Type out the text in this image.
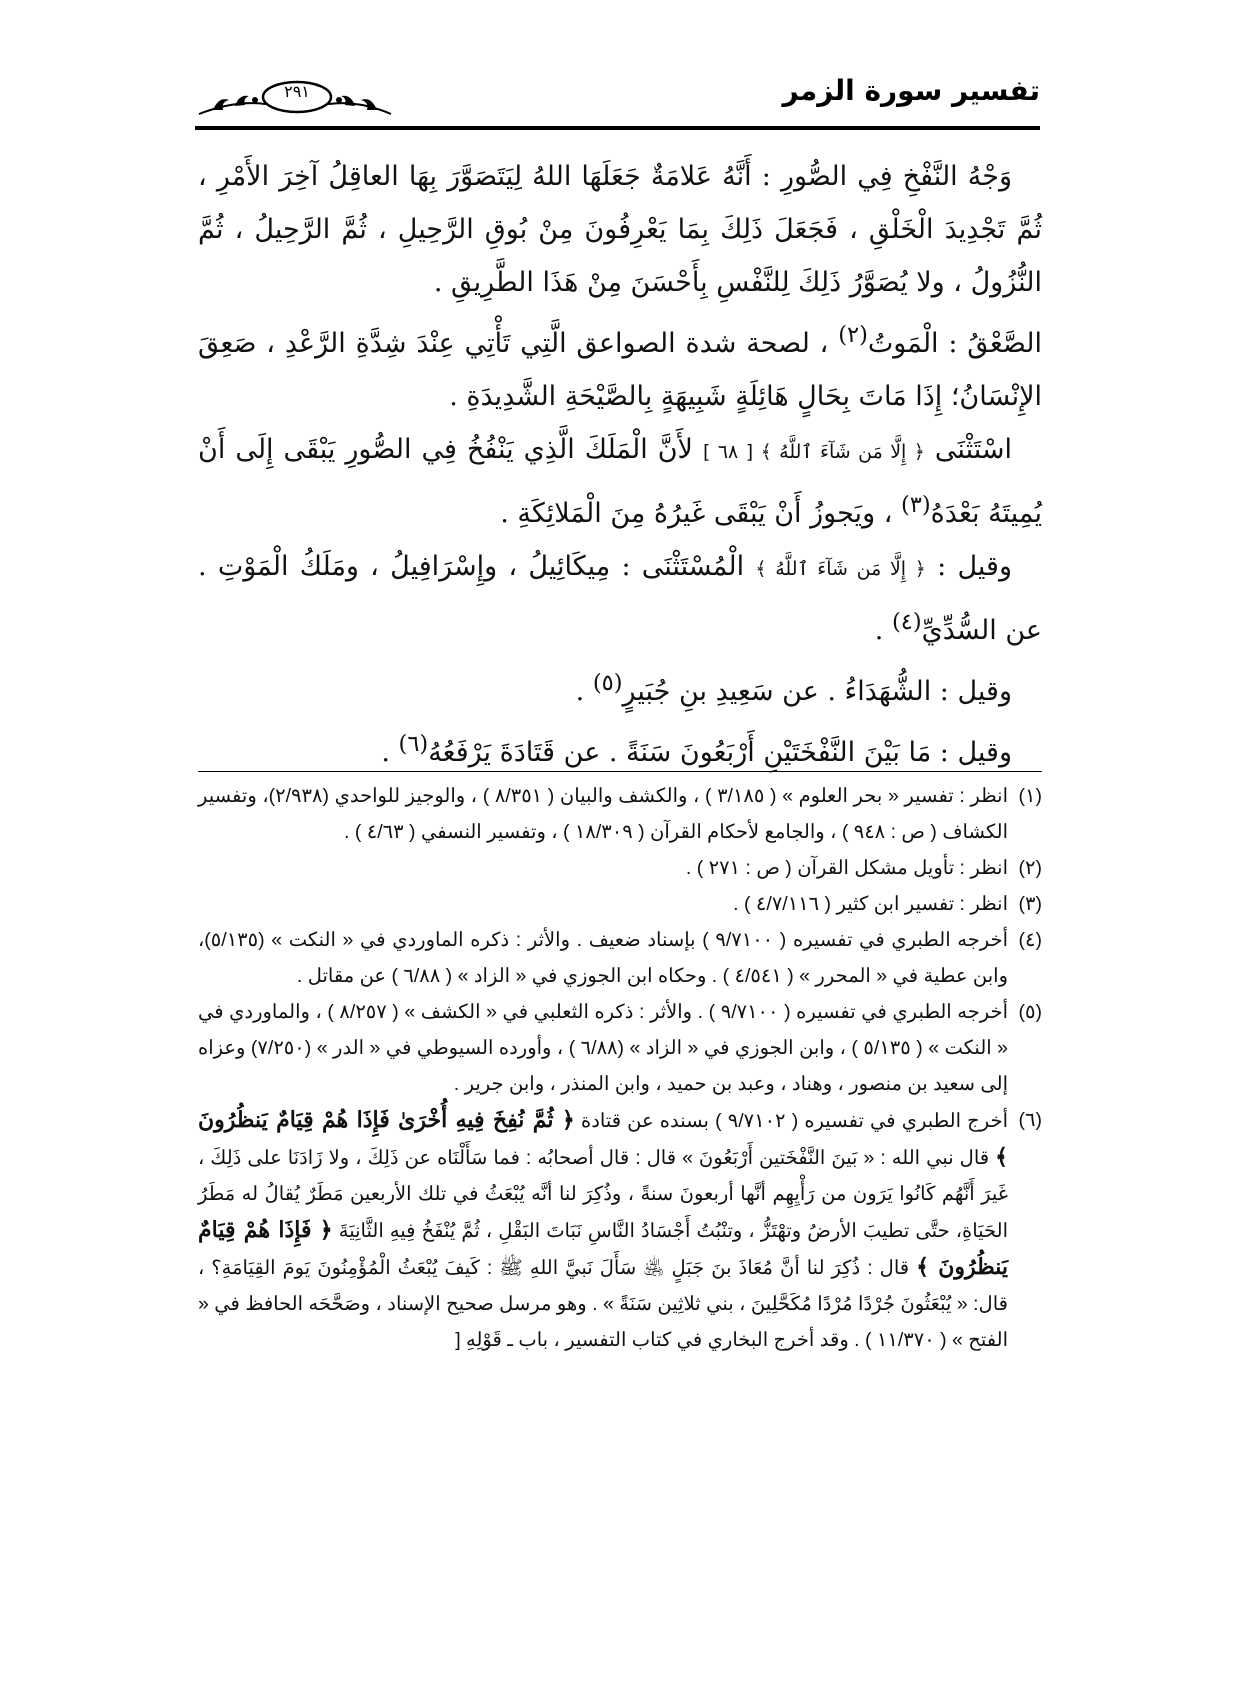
تفسير سورة الزمر
٢٩١

وَجْهُ النَّفْخِ فِي الصُّورِ : أَنَّهُ عَلامَةٌ جَعَلَهَا اللهُ لِيَتَصَوَّرَ بِهَا العاقِلُ آخِرَ الأَمْرِ ، ثُمَّ تَجْدِيدَ الْخَلْقِ ، فَجَعَلَ ذَلِكَ بِمَا يَعْرِفُونَ مِنْ بُوقِ الرَّحِيلِ ، ثُمَّ الرَّحِيلُ ، ثُمَّ النُّزُولُ ، ولا يُصَوَّرُ ذَلِكَ لِلنَّفْسِ بِأَحْسَنَ مِنْ هَذَا الطَّرِيقِ .

الصَّعْقُ : الْمَوتُ$^{(٢)}$ ، لصحة شدة الصواعق الَّتِي تَأْتِي عِنْدَ شِدَّةِ الرَّعْدِ ، صَعِقَ الإِنْسَانُ؛ إِذَا مَاتَ بِحَالٍ هَائِلَةٍ شَبِيهَةٍ بِالصَّيْحَةِ الشَّدِيدَةِ .

اسْتَثْنَى ﴿ إِلَّا مَن شَآءَ ٱللَّهُ ﴾ [ ٦٨ ] لأَنَّ الْمَلَكَ الَّذِي يَنْفُخُ فِي الصُّورِ يَبْقَى إِلَى أَنْ يُمِيتَهُ بَعْدَهُ$^{(٣)}$ ، ويَجوزُ أَنْ يَبْقَى غَيرُهُ مِنَ الْمَلائِكَةِ .

وقيل : ﴿ إِلَّا مَن شَآءَ ٱللَّهُ ﴾ الْمُسْتَثْنَى : مِيكَائِيلُ ، وإِسْرَافِيلُ ، ومَلَكُ الْمَوْتِ . عن السُّدِّيِّ$^{(٤)}$ .

وقيل : الشُّهَدَاءُ . عن سَعِيدِ بنِ جُبَيرٍ$^{(٥)}$ .

وقيل : مَا بَيْنَ النَّفْخَتَيْنِ أَرْبَعُونَ سَنَةً . عن قَتَادَةَ يَرْفَعُهُ$^{(٦)}$ .

(١)
انظر : تفسير « بحر العلوم » ( ٣/١٨٥ ) ، والكشف والبيان ( ٨/٣٥١ ) ، والوجيز للواحدي (٢/٩٣٨)، وتفسير الكشاف ( ص : ٩٤٨ ) ، والجامع لأحكام القرآن ( ١٨/٣٠٩ ) ، وتفسير النسفي ( ٤/٦٣ ) .

(٢)
انظر : تأويل مشكل القرآن ( ص : ٢٧١ ) .

(٣)
انظر : تفسير ابن كثير ( ٤/٧/١١٦ ) .

(٤)
أخرجه الطبري في تفسيره ( ٩/٧١٠٠ ) بإسناد ضعيف . والأثر : ذكره الماوردي في « النكت » (٥/١٣٥)، وابن عطية في « المحرر » ( ٤/٥٤١ ) . وحكاه ابن الجوزي في « الزاد » ( ٦/٨٨ ) عن مقاتل .

(٥)
أخرجه الطبري في تفسيره ( ٩/٧١٠٠ ) . والأثر : ذكره الثعلبي في « الكشف » ( ٨/٢٥٧ ) ، والماوردي في « النكت » ( ٥/١٣٥ ) ، وابن الجوزي في « الزاد » (٦/٨٨ ) ، وأورده السيوطي في « الدر » (٧/٢٥٠) وعزاه إلى سعيد بن منصور ، وهناد ، وعبد بن حميد ، وابن المنذر ، وابن جرير .

(٦)
أخرج الطبري في تفسيره ( ٩/٧١٠٢ ) بسنده عن قتادة ﴿ ثُمَّ نُفِخَ فِيهِ أُخْرَىٰ فَإِذَا هُمْ قِيَامٌ يَنظُرُونَ ﴾ قال نبي الله : « بَينَ النَّفْخَتين أَرْبَعُونَ » قال : قال أصحابُه : فما سَأَلْنَاه عن ذَلِكَ ، ولا زَادَنَا على ذَلِكَ ، غَيرَ أَنَّهُم كَانُوا يَرَون من رَأْيِهِم أنَّها أربعونَ سنةً ، وذُكِرَ لنا أنَّه يُبْعَثُ في تلك الأربعين مَطَرٌ يُقالُ له مَطَرُ الحَيَاةِ، حتَّى تطيبَ الأرضُ وتهْتَزُّ ، وتنْبُتُ أَجْسَادُ النَّاسِ نَبَاتَ البَقْلِ ، ثُمَّ يُنْفَخُ فِيهِ الثَّانِيَةَ ﴿ فَإِذَا هُمْ قِيَامٌ يَنظُرُونَ ﴾ قال : ذُكِرَ لنا أنَّ مُعَاذَ بنَ جَبَلٍ ﵁ سَأَلَ نَبيَّ اللهِ ﷺ : كَيفَ يُبْعَثُ الْمُؤْمِنُونَ يَومَ القِيَامَةِ؟ ، قال: « يُبْعَثُونَ جُرْدًا مُرْدًا مُكَحَّلِينَ ، بني ثلاثِين سَنَةً » . وهو مرسل صحيح الإسناد ، وصَحَّحَه الحافظ في « الفتح » ( ١١/٣٧٠ ) . وقد أخرج البخاري في كتاب التفسير ، باب ـ قَوْلِهِ [
